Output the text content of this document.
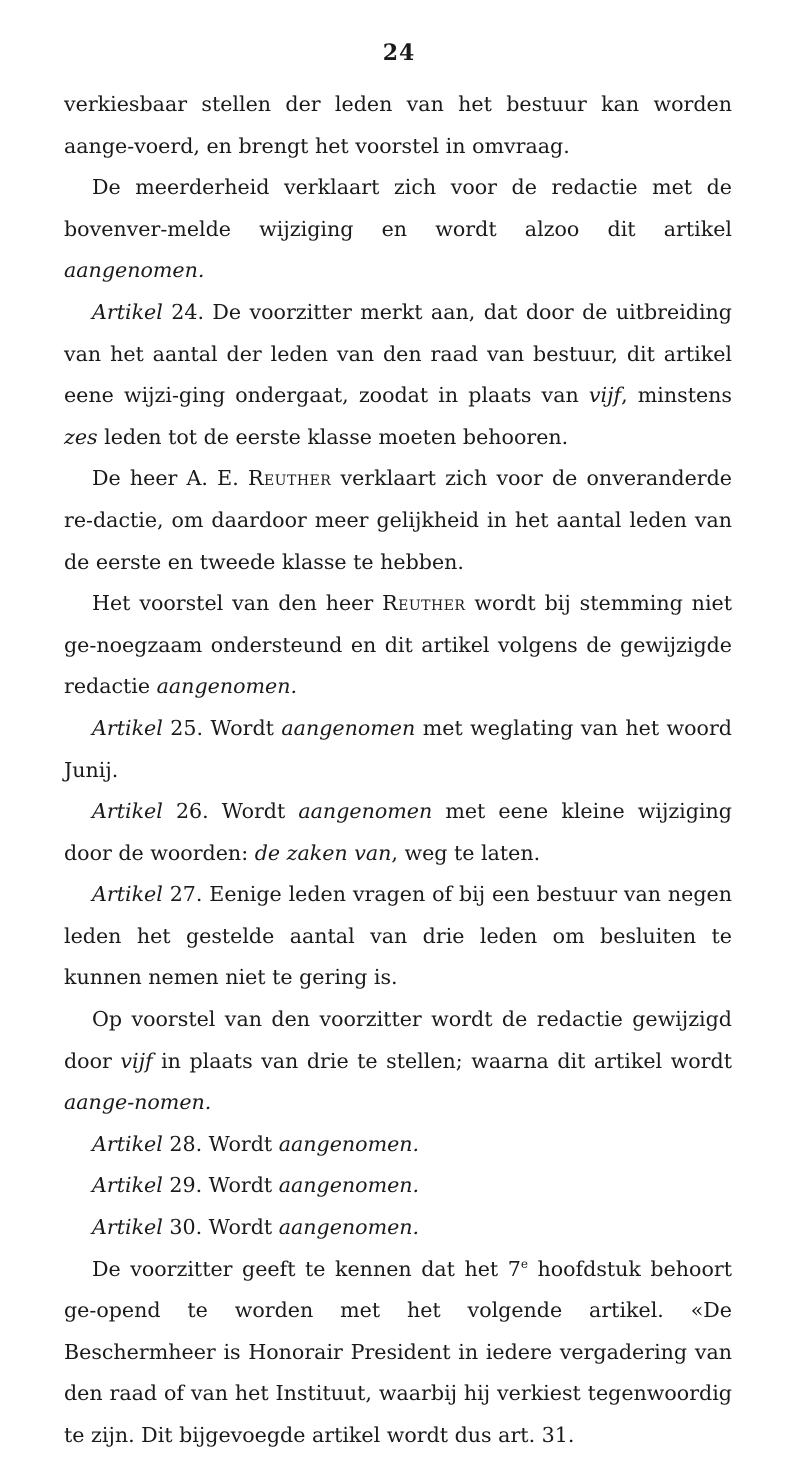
24

verkiesbaar stellen der leden van het bestuur kan worden aange-voerd, en brengt het voorstel in omvraag.

De meerderheid verklaart zich voor de redactie met de bovenver-melde wijziging en wordt alzoo dit artikel aangenomen.

Artikel 24. De voorzitter merkt aan, dat door de uitbreiding van het aantal der leden van den raad van bestuur, dit artikel eene wijzi-ging ondergaat, zoodat in plaats van vijf, minstens zes leden tot de eerste klasse moeten behooren.

De heer A. E. Reuther verklaart zich voor de onveranderde re-dactie, om daardoor meer gelijkheid in het aantal leden van de eerste en tweede klasse te hebben.

Het voorstel van den heer Reuther wordt bij stemming niet ge-noegzaam ondersteund en dit artikel volgens de gewijzigde redactie aangenomen.

Artikel 25. Wordt aangenomen met weglating van het woord Junij.

Artikel 26. Wordt aangenomen met eene kleine wijziging door de woorden: de zaken van, weg te laten.

Artikel 27. Eenige leden vragen of bij een bestuur van negen leden het gestelde aantal van drie leden om besluiten te kunnen nemen niet te gering is.

Op voorstel van den voorzitter wordt de redactie gewijzigd door vijf in plaats van drie te stellen; waarna dit artikel wordt aange-nomen.

Artikel 28. Wordt aangenomen.

Artikel 29. Wordt aangenomen.

Artikel 30. Wordt aangenomen.

De voorzitter geeft te kennen dat het 7e hoofdstuk behoort ge-opend te worden met het volgende artikel. «De Beschermheer is Honorair President in iedere vergadering van den raad of van het Instituut, waarbij hij verkiest tegenwoordig te zijn. Dit bijgevoegde artikel wordt dus art. 31.
